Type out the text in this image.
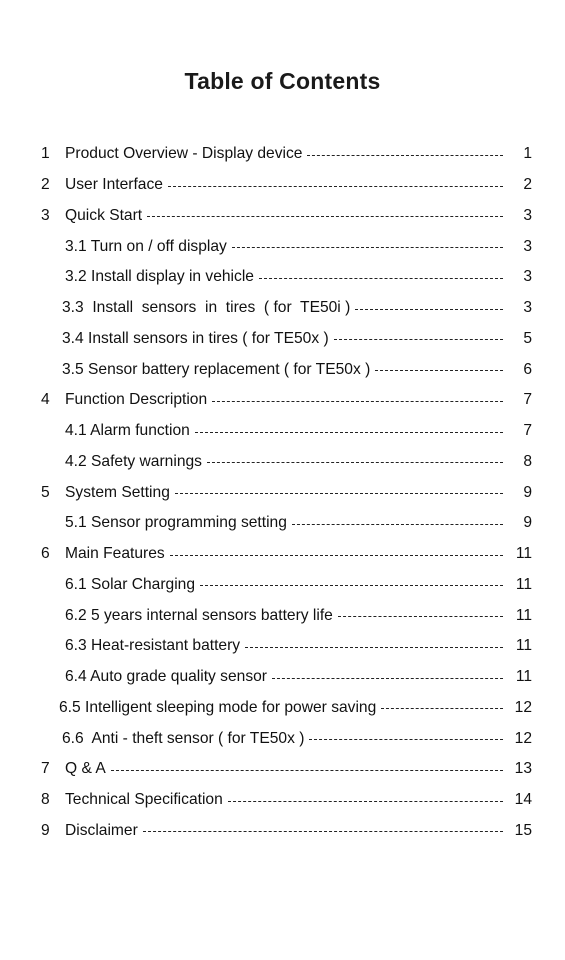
Table of Contents
1 Product Overview - Display device	1
2 User Interface	2
3 Quick Start	3
3.1 Turn on / off display	3
3.2 Install display in vehicle	3
3.3  Install  sensors  in  tires  ( for  TE50i )	3
3.4 Install sensors in tires ( for TE50x )	5
3.5 Sensor battery replacement ( for TE50x )	6
4 Function Description	7
4.1 Alarm function	7
4.2 Safety warnings	8
5 System Setting	9
5.1 Sensor programming setting	9
6 Main Features	11
6.1 Solar Charging	11
6.2 5 years internal sensors battery life	11
6.3 Heat-resistant battery	11
6.4 Auto grade quality sensor	11
6.5 Intelligent sleeping mode for power saving	12
6.6  Anti - theft sensor ( for TE50x )	12
7 Q & A	13
8 Technical Specification	14
9 Disclaimer	15
